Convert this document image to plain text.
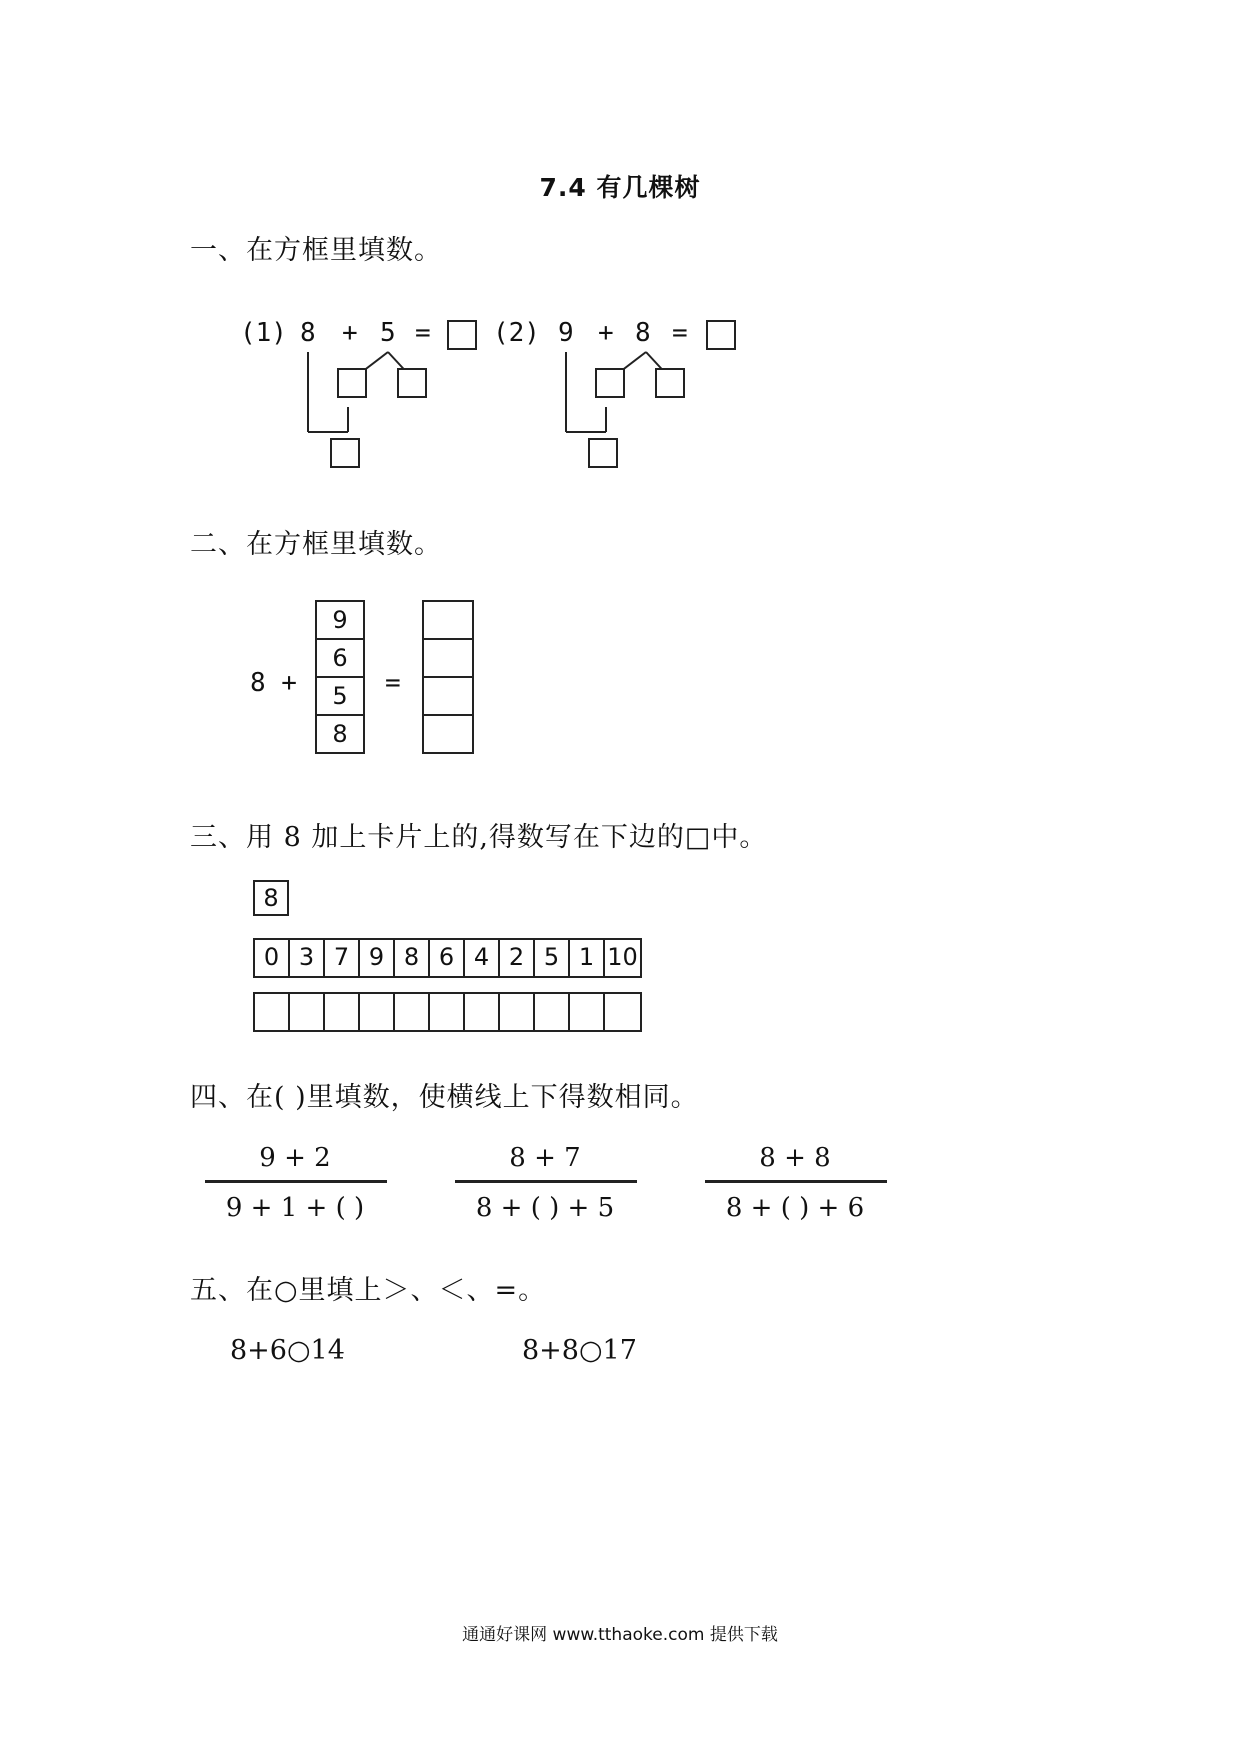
7.4 有几棵树
一、在方框里填数。
(1) 8 + 5 = (2) 9 + 8 =
二、在方框里填数。
8 +
9
6
5
8
=
三、用 8 加上卡片上的,得数写在下边的□中。
8
0 3 7 9 8 6 4 2 5 1 10
四、在( )里填数，使横线上下得数相同。
9 + 2
9 + 1 + ( )
8 + 7
8 + ( ) + 5
8 + 8
8 + ( ) + 6
五、在○里填上＞、＜、=。
8+6○14	8+8○17
通通好课网 www.tthaoke.com 提供下载
